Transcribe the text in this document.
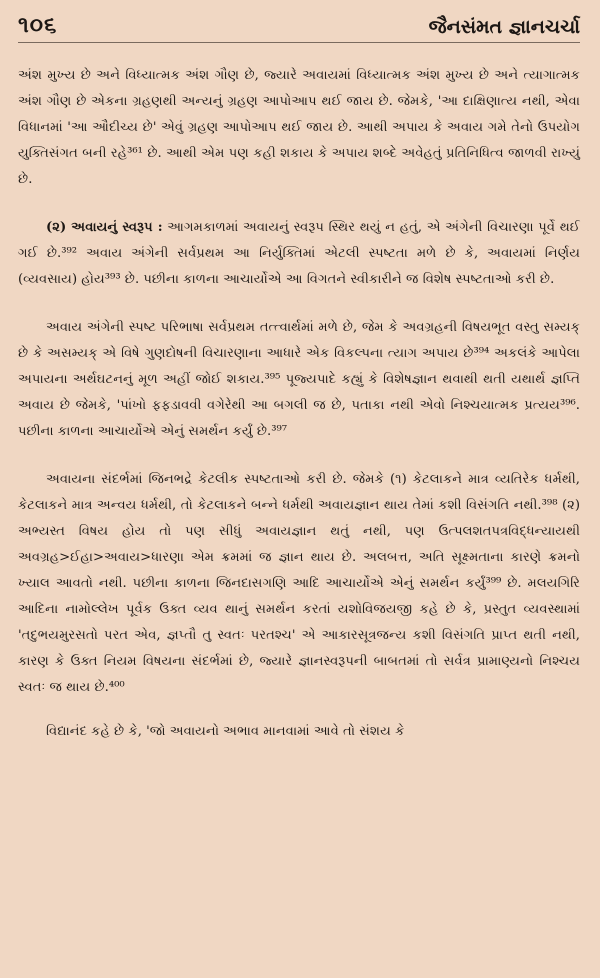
૧૦૬	જૈનસંમત જ્ઞાનચર્ચા

અંશ મુખ્ય છે અને વિધ્યાત્મક અંશ ગૌણ છે, જ્યારે અવાયમાં વિધ્યાત્મક અંશ મુખ્ય છે અને ત્યાગાત્મક અંશ ગૌણ છે એકના ગ્રહણથી અન્યનું ગ્રહણ આપોઆપ થઈ જાય છે. જેમકે, 'આ દાક્ષિણાત્ય નથી, એવા વિધાનમાં 'આ ઔદીચ્ય છે' એવું ગ્રહણ આપોઆપ થઈ જાય છે. આથી અપાય કે અવાય ગમે તેનો ઉપયોગ યુક્તિસંગત બની રહે³⁶¹ છે. આથી એમ પણ કહી શકાય કે અપાય શબ્દે અવેહતું પ્રતિનિધિત્વ જાળવી રાખ્યું છે.

(૨) અવાયનું સ્વરૂપ : આગમકાળમાં અવાયનું સ્વરૂપ સ્થિર થયું ન હતું, એ અંગેની વિચારણા પૂર્વે થઈ ગઈ છે.³⁹² અવાય અંગેની સર્વપ્રથમ આ નિર્યુક્તિમાં એટલી સ્પષ્ટતા મળે છે કે, અવાયમાં નિર્ણય (વ્યવસાય) હોય³⁹³ છે. પછીના કાળના આચાર્યોએ આ વિગતને સ્વીકારીને જ વિશેષ સ્પષ્ટતાઓ કરી છે.

અવાય અંગેની સ્પષ્ટ પરિભાષા સર્વપ્રથમ તત્ત્વાર્થમાં મળે છે, જેમ કે અવગ્રહની વિષયભૂત વસ્તુ સમ્યક્ છે કે અસમ્યક્ એ વિષે ગુણદોષની વિચારણાના આધારે એક વિકલ્પના ત્યાગ અપાય છે³⁹⁴ અકલંકે આપેલા અપાયના અર્થઘટનનું મૂળ અહીં જોઈ શકાય.³⁹⁵ પૂજ્યપાદે કહ્યું કે વિશેષજ્ઞાન થવાથી થતી યથાર્થ જ્ઞપ્તિ અવાય છે જેમકે, 'પાંખો ફફડાવવી વગેરેથી આ બગલી જ છે, પતાકા નથી એવો નિશ્ચયાત્મક પ્રત્યય³⁹⁶. પછીના કાળના આચાર્યોએ એનું સમર્થન કર્યું છે.³⁹⁷

અવાયના સંદર્ભમાં જિનભદ્રે કેટલીક સ્પષ્ટતાઓ કરી છે. જેમકે (૧) કેટલાકને માત્ર વ્યતિરેક ધર્મથી, કેટલાકને માત્ર અન્વય ધર્મથી, તો કેટલાકને બન્ને ધર્મથી અવાયજ્ઞાન થાય તેમાં કશી વિસંગતિ નથી.³⁹⁸ (૨) અભ્યસ્ત વિષય હોય તો પણ સીધું અવાયજ્ઞાન થતું નથી, પણ ઉત્પલશતપત્રવિદ્ધન્યાયથી અવગ્રહ>ઈહા>અવાય>ધારણા એમ ક્રમમાં જ જ્ઞાન થાય છે. અલબત્ત, અતિ સૂક્ષ્મતાના કારણે ક્રમનો ખ્યાલ આવતો નથી. પછીના કાળના જિનદાસગણિ આદિ આચાર્યોએ એનું સમર્થન કર્યું³⁹⁹ છે. મલયગિરિ આદિના નામોલ્લેખ પૂર્વક ઉક્ત વ્યવ થાનું સમર્થન કરતાં યશોવિજયજી કહે છે કે, પ્રસ્તુત વ્યવસ્થામાં 'તદુભયમુરસતો પરત એવ, જ્ઞપ્તૌ તુ સ્વતઃ પરતશ્ચ' એ આકારસૂત્રજન્ય કશી વિસંગતિ પ્રાપ્ત થતી નથી, કારણ કે ઉક્ત નિયમ વિષયના સંદર્ભમાં છે, જ્યારે જ્ઞાનસ્વરૂપની બાબતમાં તો સર્વત્ર પ્રામાણ્યનો નિશ્ચય સ્વતઃ જ થાય છે.⁴⁰⁰

વિદ્યાનંદ કહે છે કે, 'જો અવાયનો અભાવ માનવામાં આવે તો સંશય કે
